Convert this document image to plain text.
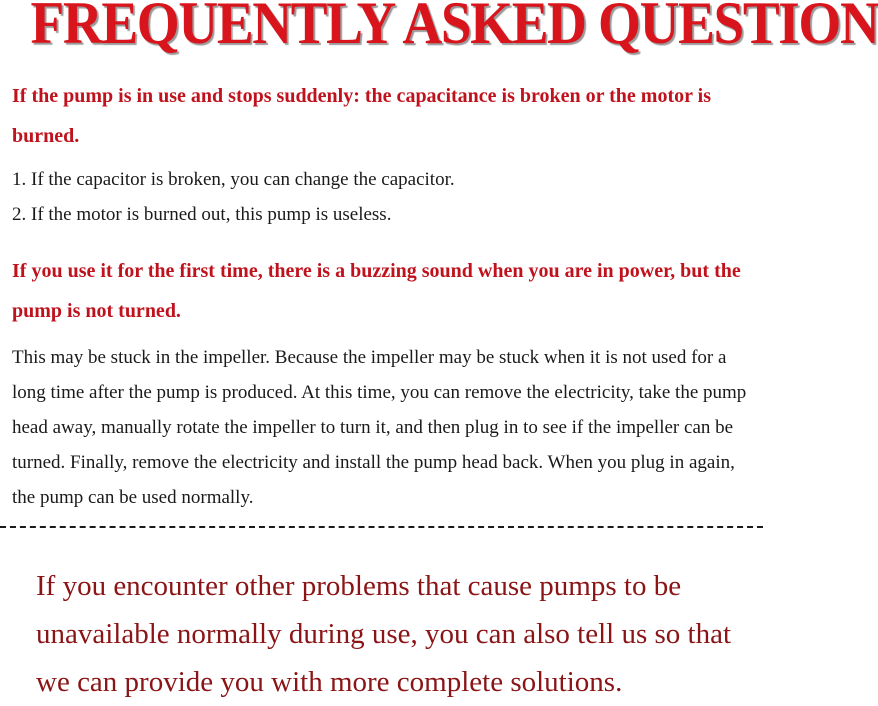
FREQUENTLY ASKED QUESTION
If the pump is in use and stops suddenly: the capacitance is broken or the motor is burned.
1. If the capacitor is broken, you can change the capacitor.
2. If the motor is burned out, this pump is useless.
If you use it for the first time, there is a buzzing sound when you are in power, but the pump is not turned.
This may be stuck in the impeller. Because the impeller may be stuck when it is not used for a long time after the pump is produced. At this time, you can remove the electricity, take the pump head away, manually rotate the impeller to turn it, and then plug in to see if the impeller can be turned. Finally, remove the electricity and install the pump head back. When you plug in again, the pump can be used normally.
If you encounter other problems that cause pumps to be unavailable normally during use, you can also tell us so that we can provide you with more complete solutions.
